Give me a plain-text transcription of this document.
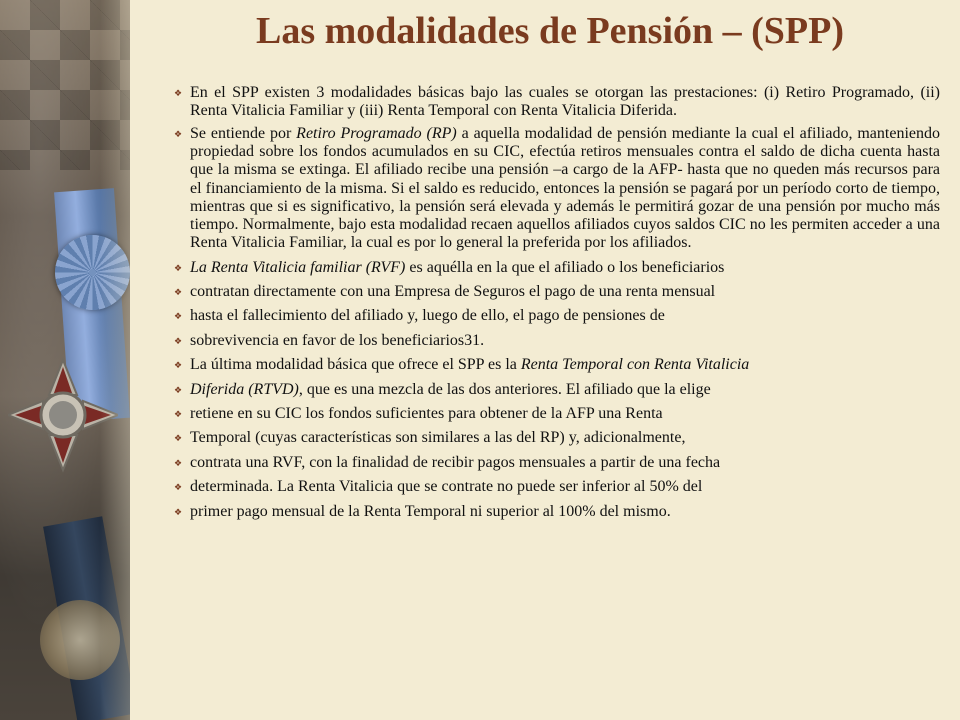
Las modalidades de Pensión – (SPP)
❖ En el SPP existen 3 modalidades básicas bajo las cuales se otorgan las prestaciones: (i) Retiro Programado, (ii) Renta Vitalicia Familiar y (iii) Renta Temporal con Renta Vitalicia Diferida.
❖ Se entiende por Retiro Programado (RP) a aquella modalidad de pensión mediante la cual el afiliado, manteniendo propiedad sobre los fondos acumulados en su CIC, efectúa retiros mensuales contra el saldo de dicha cuenta hasta que la misma se extinga. El afiliado recibe una pensión –a cargo de la AFP- hasta que no queden más recursos para el financiamiento de la misma. Si el saldo es reducido, entonces la pensión se pagará por un período corto de tiempo, mientras que si es significativo, la pensión será elevada y además le permitirá gozar de una pensión por mucho más tiempo. Normalmente, bajo esta modalidad recaen aquellos afiliados cuyos saldos CIC no les permiten acceder a una Renta Vitalicia Familiar, la cual es por lo general la preferida por los afiliados.
❖ La Renta Vitalicia familiar (RVF) es aquélla en la que el afiliado o los beneficiarios
❖ contratan directamente con una Empresa de Seguros el pago de una renta mensual
❖ hasta el fallecimiento del afiliado y, luego de ello, el pago de pensiones de
❖ sobrevivencia en favor de los beneficiarios31.
❖ La última modalidad básica que ofrece el SPP es la Renta Temporal con Renta Vitalicia
❖ Diferida (RTVD), que es una mezcla de las dos anteriores. El afiliado que la elige
❖ retiene en su CIC los fondos suficientes para obtener de la AFP una Renta
❖ Temporal (cuyas características son similares a las del RP) y, adicionalmente,
❖ contrata una RVF, con la finalidad de recibir pagos mensuales a partir de una fecha
❖ determinada. La Renta Vitalicia que se contrate no puede ser inferior al 50% del
❖ primer pago mensual de la Renta Temporal ni superior al 100% del mismo.
